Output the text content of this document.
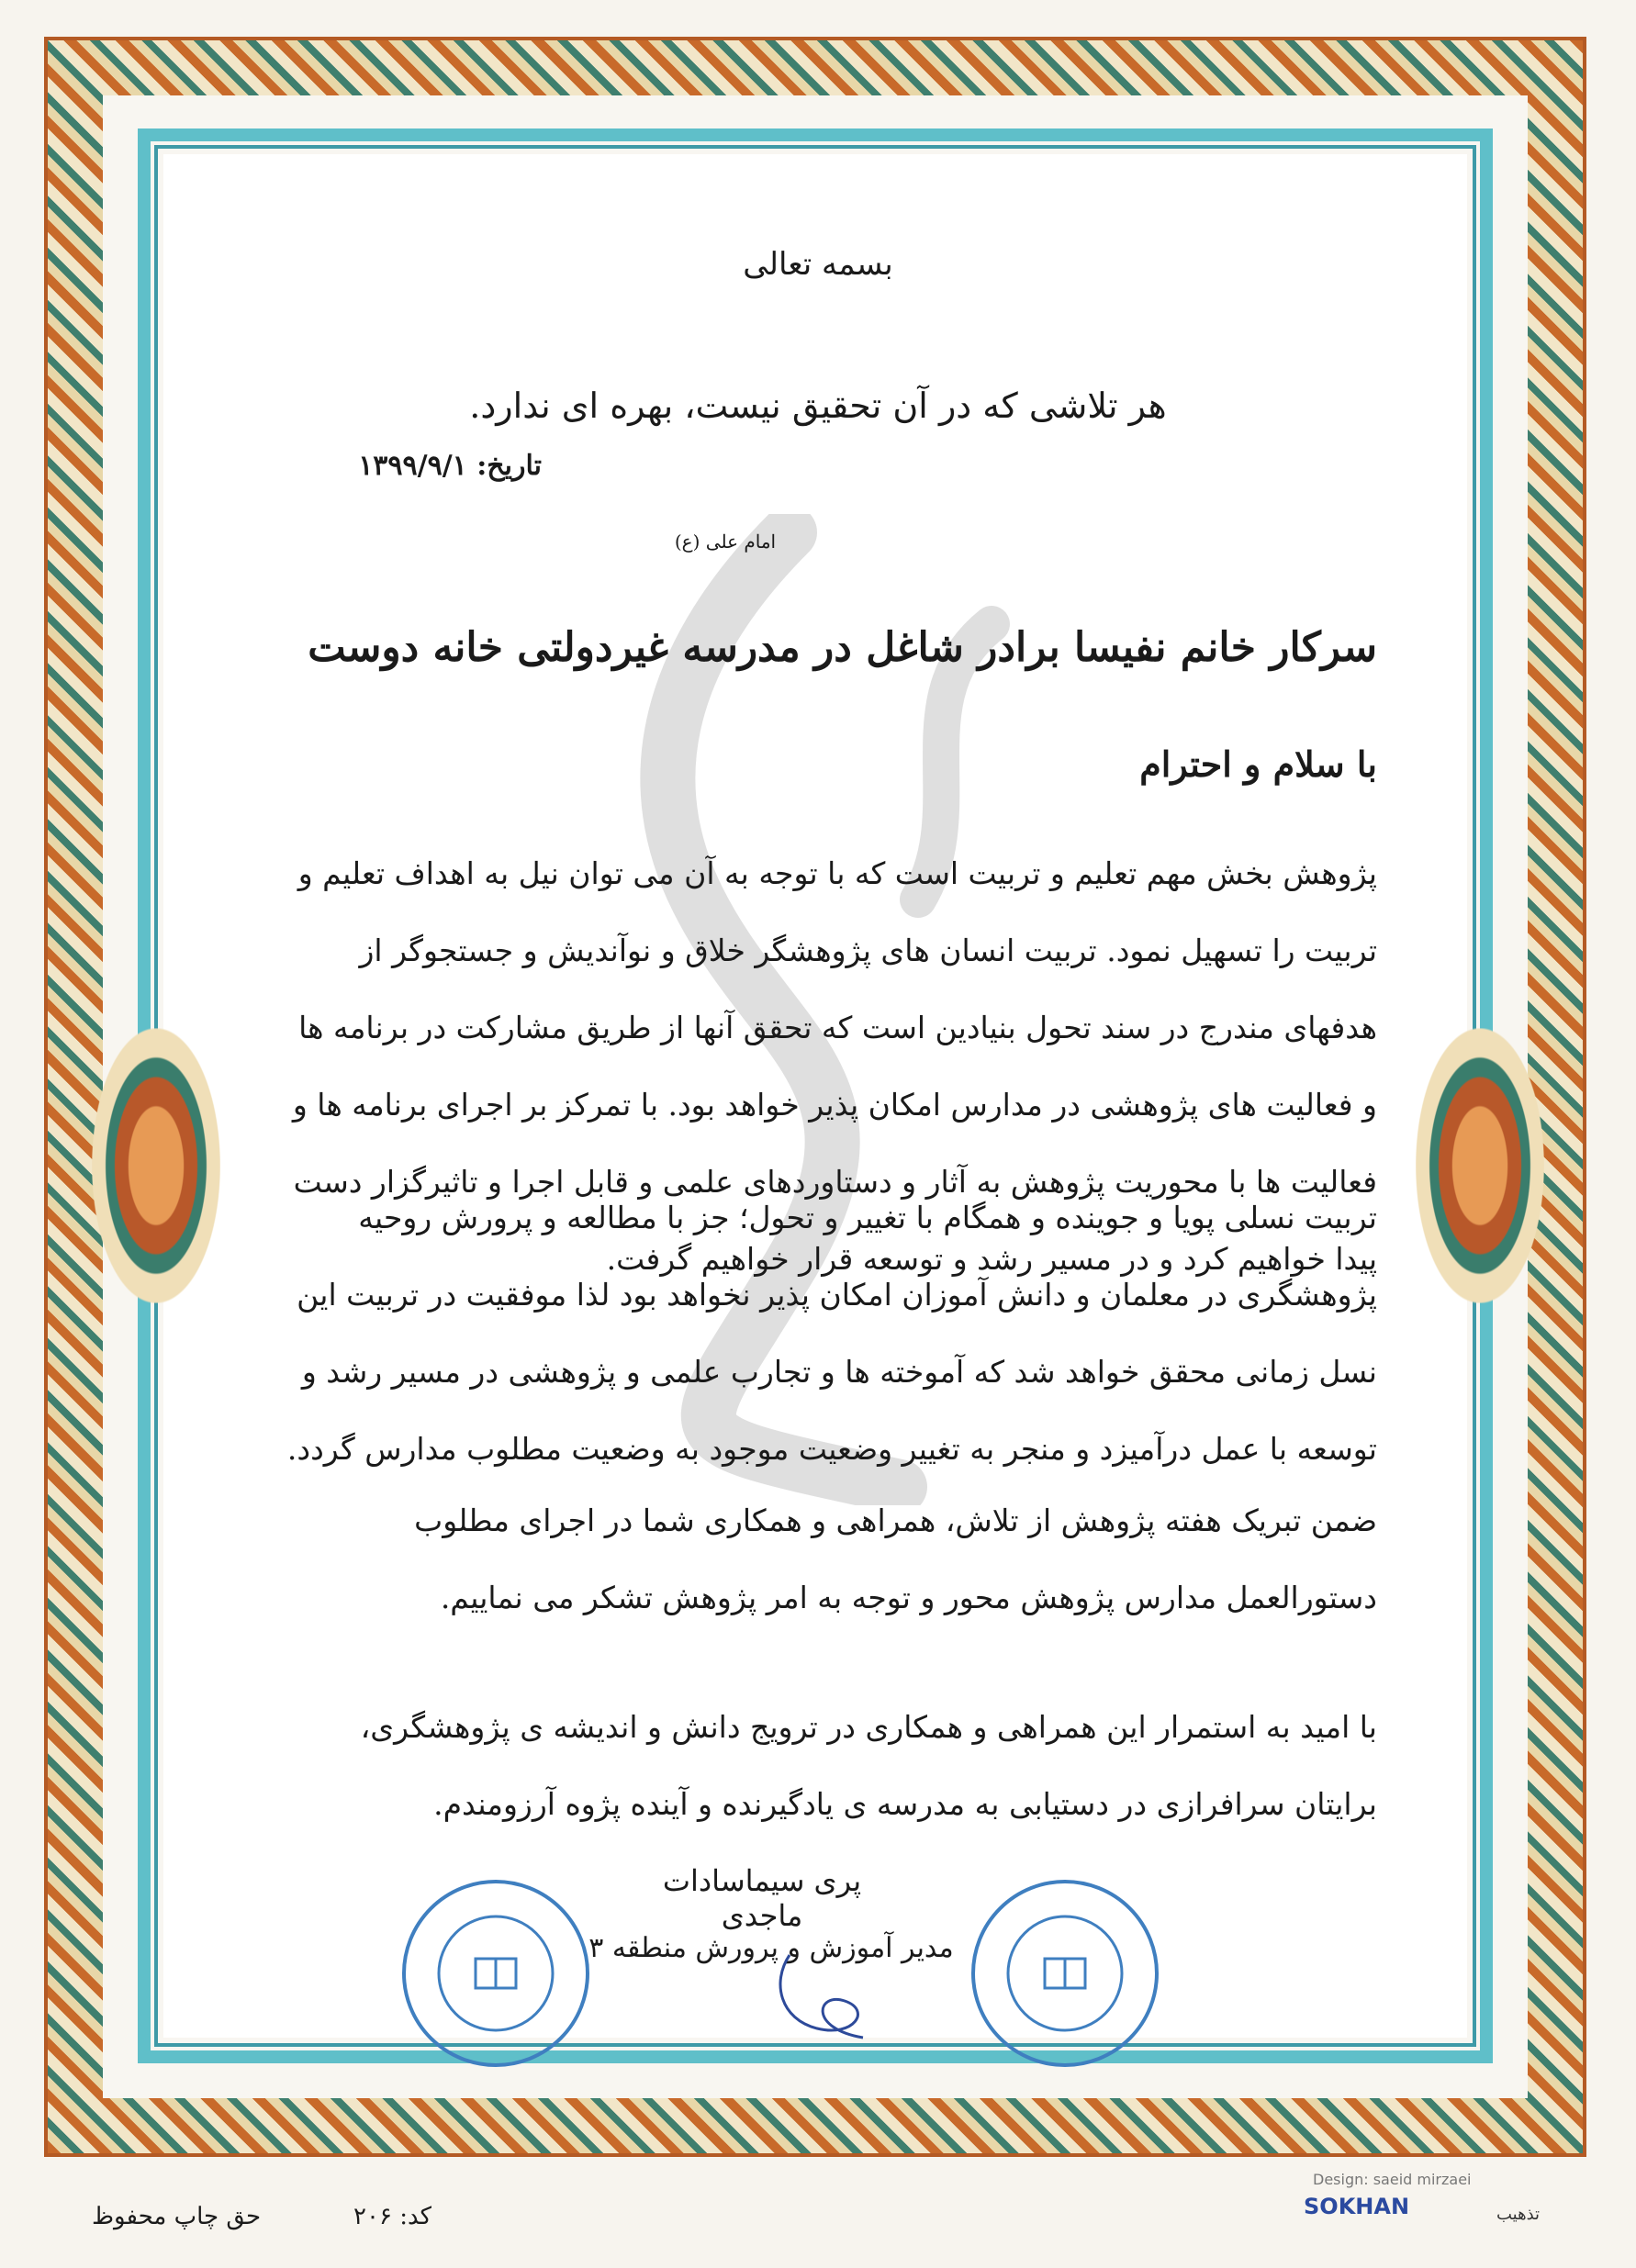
بسمه تعالی
هر تلاشی که در آن تحقیق نیست، بهره ای ندارد.
تاریخ: ۱۳۹۹/۹/۱
امام علی (ع)
سرکار خانم نفیسا برادر شاغل در مدرسه غیردولتی خانه دوست
با سلام و احترام
پژوهش بخش مهم تعلیم و تربیت است که با توجه به آن می توان نیل به اهداف تعلیم و تربیت را تسهیل نمود. تربیت انسان های پژوهشگر خلاق و نوآندیش و جستجوگر از هدفهای مندرج در سند تحول بنیادین است که تحقق آنها از طریق مشارکت در برنامه ها و فعالیت های پژوهشی در مدارس امکان پذیر خواهد بود. با تمرکز بر اجرای برنامه ها و فعالیت ها با محوریت پژوهش به آثار و دستاوردهای علمی و قابل اجرا و تاثیرگزار دست پیدا خواهیم کرد و در مسیر رشد و توسعه قرار خواهیم گرفت.
تربیت نسلی پویا و جوینده و همگام با تغییر و تحول؛ جز با مطالعه و پرورش روحیه پژوهشگری در معلمان و دانش آموزان امکان پذیر نخواهد بود لذا موفقیت در تربیت این نسل زمانی محقق خواهد شد که آموخته ها و تجارب علمی و پژوهشی در مسیر رشد و توسعه با عمل درآمیزد و منجر به تغییر وضعیت موجود به وضعیت مطلوب مدارس گردد.
ضمن تبریک هفته پژوهش از تلاش، همراهی و همکاری شما در اجرای مطلوب دستورالعمل مدارس پژوهش محور و توجه به امر پژوهش تشکر می نماییم.
با امید به استمرار این همراهی و همکاری در ترویج دانش و اندیشه ی پژوهشگری، برایتان سرافرازی در دستیابی به مدرسه ی یادگیرنده و آینده پژوه آرزومندم.
پری سیماسادات ماجدی
مدیر آموزش و پرورش منطقه ۳
حق چاپ محفوظ	کد: ۲۰۶
Design: saeid mirzaei
SOKHAN	تذهیب
